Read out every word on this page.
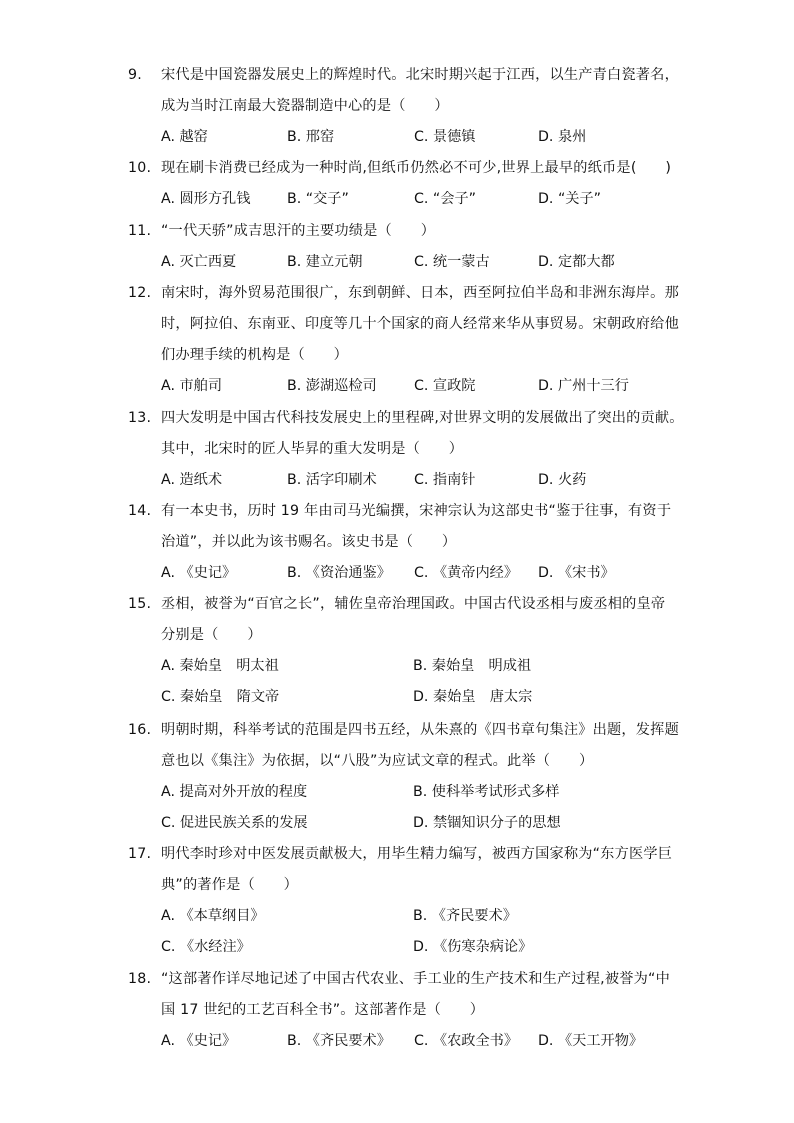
9.	宋代是中国瓷器发展史上的辉煌时代。北宋时期兴起于江西，以生产青白瓷著名，
成为当时江南最大瓷器制造中心的是（　　）
A. 越窑	B. 邢窑	C. 景德镇	D. 泉州
10. 现在刷卡消费已经成为一种时尚,但纸币仍然必不可少,世界上最早的纸币是(　　)
A. 圆形方孔钱	B. “交子”	C. “会子”	D. “关子”
11. “一代天骄”成吉思汗的主要功绩是（　　）
A. 灭亡西夏	B. 建立元朝	C. 统一蒙古	D. 定都大都
12. 南宋时，海外贸易范围很广，东到朝鲜、日本，西至阿拉伯半岛和非洲东海岸。那
时，阿拉伯、东南亚、印度等几十个国家的商人经常来华从事贸易。宋朝政府给他
们办理手续的机构是（　　）
A. 市舶司	B. 澎湖巡检司	C. 宣政院	D. 广州十三行
13. 四大发明是中国古代科技发展史上的里程碑,对世界文明的发展做出了突出的贡献。
其中，北宋时的匠人毕昇的重大发明是（　　）
A. 造纸术	B. 活字印刷术	C. 指南针	D. 火药
14. 有一本史书，历时 19 年由司马光编撰，宋神宗认为这部史书“鉴于往事，有资于
治道”，并以此为该书赐名。该史书是（　　）
A. 《史记》	B. 《资治通鉴》 C. 《黄帝内经》 D. 《宋书》
15. 丞相，被誉为“百官之长”，辅佐皇帝治理国政。中国古代设丞相与废丞相的皇帝
分别是（　　）
A. 秦始皇　明太祖	B. 秦始皇　明成祖
C. 秦始皇　隋文帝	D. 秦始皇　唐太宗
16. 明朝时期，科举考试的范围是四书五经，从朱熹的《四书章句集注》出题，发挥题
意也以《集注》为依据，以“八股”为应试文章的程式。此举（　　）
A. 提高对外开放的程度	B. 使科举考试形式多样
C. 促进民族关系的发展	D. 禁锢知识分子的思想
17. 明代李时珍对中医发展贡献极大，用毕生精力编写，被西方国家称为“东方医学巨
典”的著作是（　　）
A. 《本草纲目》	B. 《齐民要术》
C. 《水经注》	D. 《伤寒杂病论》
18. “这部著作详尽地记述了中国古代农业、手工业的生产技术和生产过程,被誉为“中
国 17 世纪的工艺百科全书”。这部著作是（　　）
A. 《史记》	B. 《齐民要术》 C. 《农政全书》 D. 《天工开物》
